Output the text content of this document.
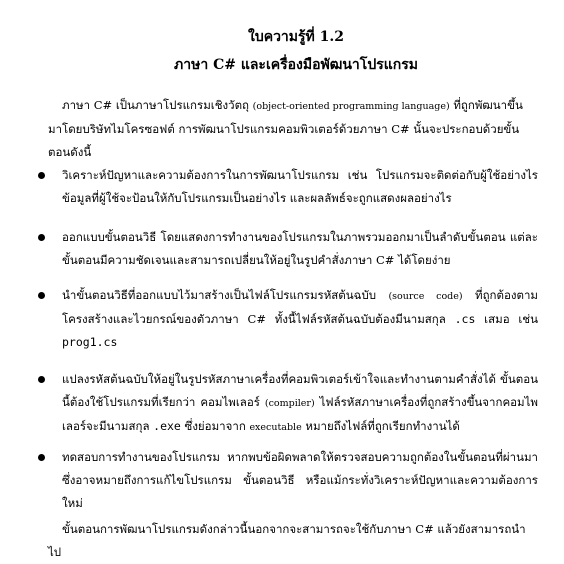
ใบความรู้ที่ 1.2
ภาษา C# และเครื่องมือพัฒนาโปรแกรม
ภาษา C# เป็นภาษาโปรแกรมเชิงวัตถุ (object-oriented programming language) ที่ถูกพัฒนาขึ้นมาโดยบริษัทไมโครซอฟต์ การพัฒนาโปรแกรมคอมพิวเตอร์ด้วยภาษา C# นั้นจะประกอบด้วยขั้นตอนดังนี้
วิเคราะห์ปัญหาและความต้องการในการพัฒนาโปรแกรม เช่น โปรแกรมจะติดต่อกับผู้ใช้อย่างไร ข้อมูลที่ผู้ใช้จะป้อนให้กับโปรแกรมเป็นอย่างไร และผลลัพธ์จะถูกแสดงผลอย่างไร
ออกแบบขั้นตอนวิธี โดยแสดงการทำงานของโปรแกรมในภาพรวมออกมาเป็นลำดับขั้นตอน แต่ละขั้นตอนมีความชัดเจนและสามารถเปลี่ยนให้อยู่ในรูปคำสั่งภาษา C# ได้โดยง่าย
นำขั้นตอนวิธีที่ออกแบบไว้มาสร้างเป็นไฟล์โปรแกรมรหัสต้นฉบับ (source code) ที่ถูกต้องตามโครงสร้างและไวยกรณ์ของตัวภาษา C# ทั้งนี้ไฟล์รหัสต้นฉบับต้องมีนามสกุล .cs เสมอ เช่น prog1.cs
แปลงรหัสต้นฉบับให้อยู่ในรูปรหัสภาษาเครื่องที่คอมพิวเตอร์เข้าใจและทำงานตามคำสั่งได้ ขั้นตอนนี้ต้องใช้โปรแกรมที่เรียกว่า คอมไพเลอร์ (compiler) ไฟล์รหัสภาษาเครื่องที่ถูกสร้างขึ้นจากคอมไพเลอร์จะมีนามสกุล .exe ซึ่งย่อมาจาก executable หมายถึงไฟล์ที่ถูกเรียกทำงานได้
ทดสอบการทำงานของโปรแกรม หากพบข้อผิดพลาดให้ตรวจสอบความถูกต้องในขั้นตอนที่ผ่านมา ซึ่งอาจหมายถึงการแก้ไขโปรแกรม ขั้นตอนวิธี หรือแม้กระทั่งวิเคราะห์ปัญหาและความต้องการใหม่
ขั้นตอนการพัฒนาโปรแกรมดังกล่าวนี้นอกจากจะสามารถจะใช้กับภาษา C# แล้วยังสามารถนำไป
